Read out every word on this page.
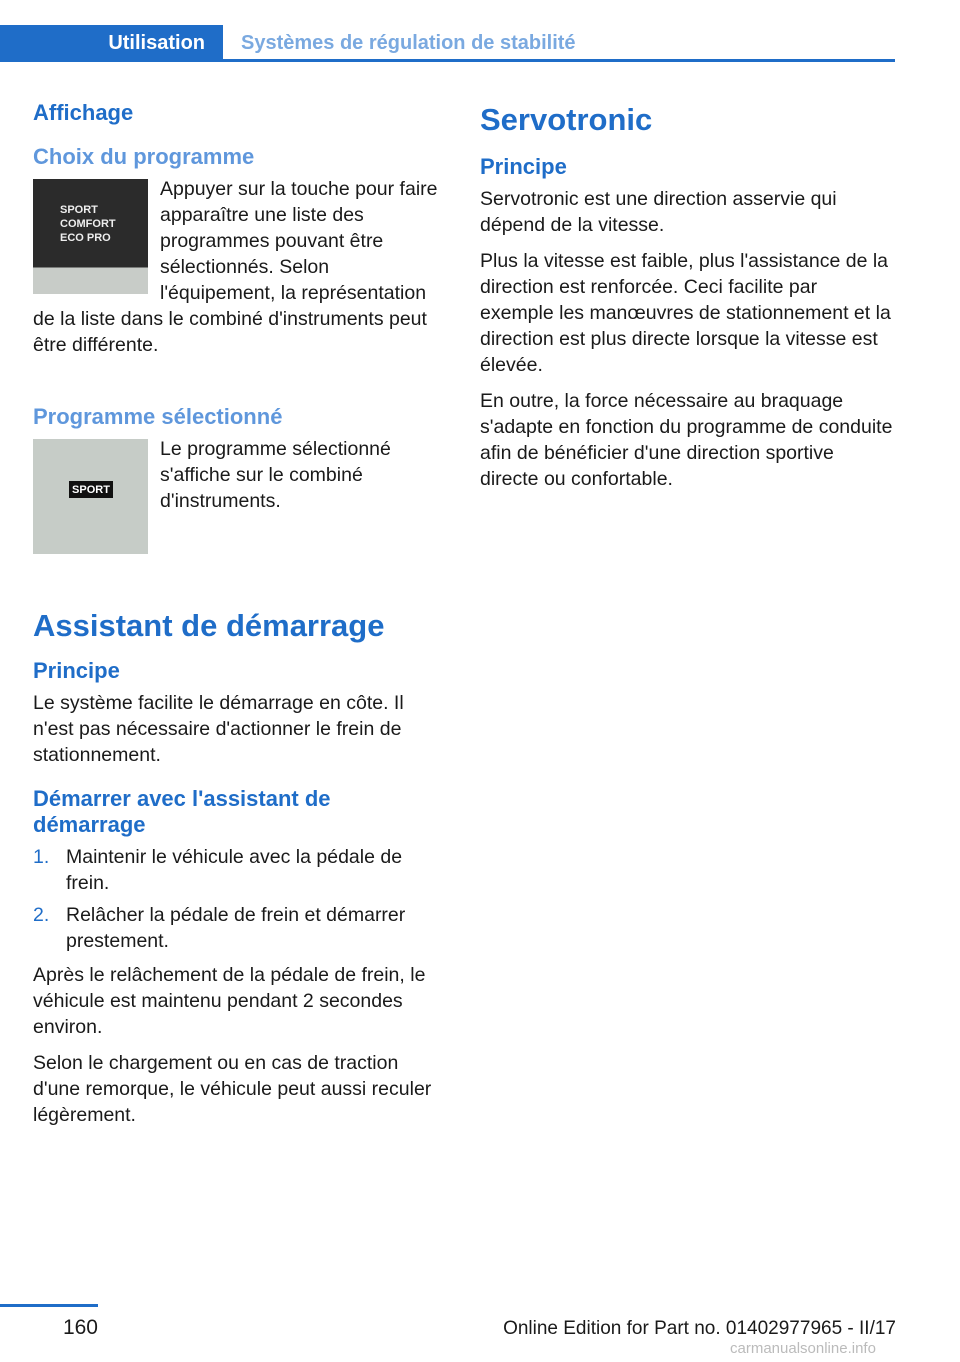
Utilisation	Systèmes de régulation de stabilité
Affichage
Choix du programme
SPORT
COMFORT
ECO PRO

Appuyer sur la touche pour faire apparaître une liste des programmes pouvant être sélectionnés. Selon l'équipement, la représentation de la liste dans le combiné d'instruments peut être différente.

Programme sélectionné
SPORT

Le programme sélectionné s'affiche sur le combiné d'instruments.

Assistant de démarrage
Principe

Le système facilite le démarrage en côte. Il n'est pas nécessaire d'actionner le frein de stationnement.

Démarrer avec l'assistant de démarrage
1. Maintenir le véhicule avec la pédale de frein.
2. Relâcher la pédale de frein et démarrer prestement.

Après le relâchement de la pédale de frein, le véhicule est maintenu pendant 2 secondes environ.

Selon le chargement ou en cas de traction d'une remorque, le véhicule peut aussi reculer légèrement.

Servotronic
Principe

Servotronic est une direction asservie qui dépend de la vitesse.

Plus la vitesse est faible, plus l'assistance de la direction est renforcée. Ceci facilite par exemple les manœuvres de stationnement et la direction est plus directe lorsque la vitesse est élevée.

En outre, la force nécessaire au braquage s'adapte en fonction du programme de conduite afin de bénéficier d'une direction sportive directe ou confortable.

160	Online Edition for Part no. 01402977965 - II/17
carmanualsonline.info
